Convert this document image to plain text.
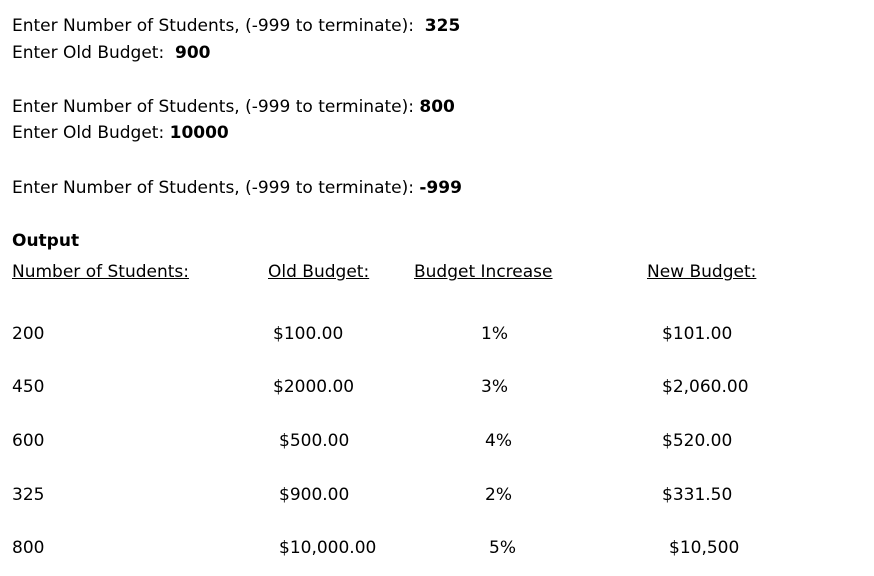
Enter Number of Students, (-999 to terminate): 325
Enter Old Budget: 900
Enter Number of Students, (-999 to terminate): 800
Enter Old Budget: 10000
Enter Number of Students, (-999 to terminate): -999
Output
Number of Students:	Old Budget:	Budget Increase	New Budget:
200	$100.00	1%	$101.00
450	$2000.00	3%	$2,060.00
600	$500.00	4%	$520.00
325	$900.00	2%	$331.50
800	$10,000.00	5%	$10,500
